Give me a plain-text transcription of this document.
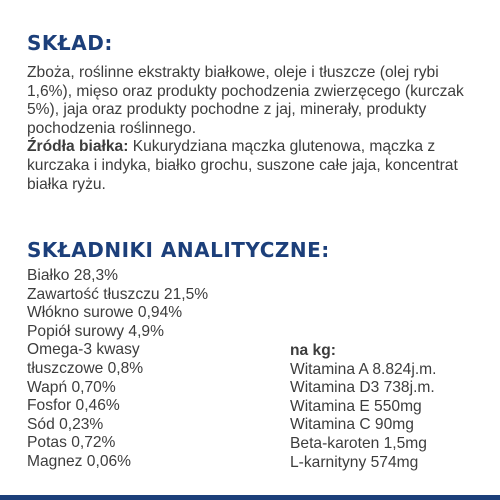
SKŁAD:

Zboża, roślinne ekstrakty białkowe, oleje i tłuszcze (olej rybi 1,6%), mięso oraz produkty pochodzenia zwierzęcego (kurczak 5%), jaja oraz produkty pochodne z jaj, minerały, produkty pochodzenia roślinnego.

Źródła białka: Kukurydziana mączka glutenowa, mączka z kurczaka i indyka, białko grochu, suszone całe jaja, koncentrat białka ryżu.

SKŁADNIKI ANALITYCZNE:
Białko 28,3%
Zawartość tłuszczu 21,5%
Włókno surowe 0,94%
Popiół surowy 4,9%
Omega-3 kwasy
tłuszczowe 0,8%
Wapń 0,70%
Fosfor 0,46%
Sód 0,23%
Potas 0,72%
Magnez 0,06%
na kg:
Witamina A 8.824j.m.
Witamina D3 738j.m.
Witamina E 550mg
Witamina C 90mg
Beta-karoten 1,5mg
L-karnityny 574mg
